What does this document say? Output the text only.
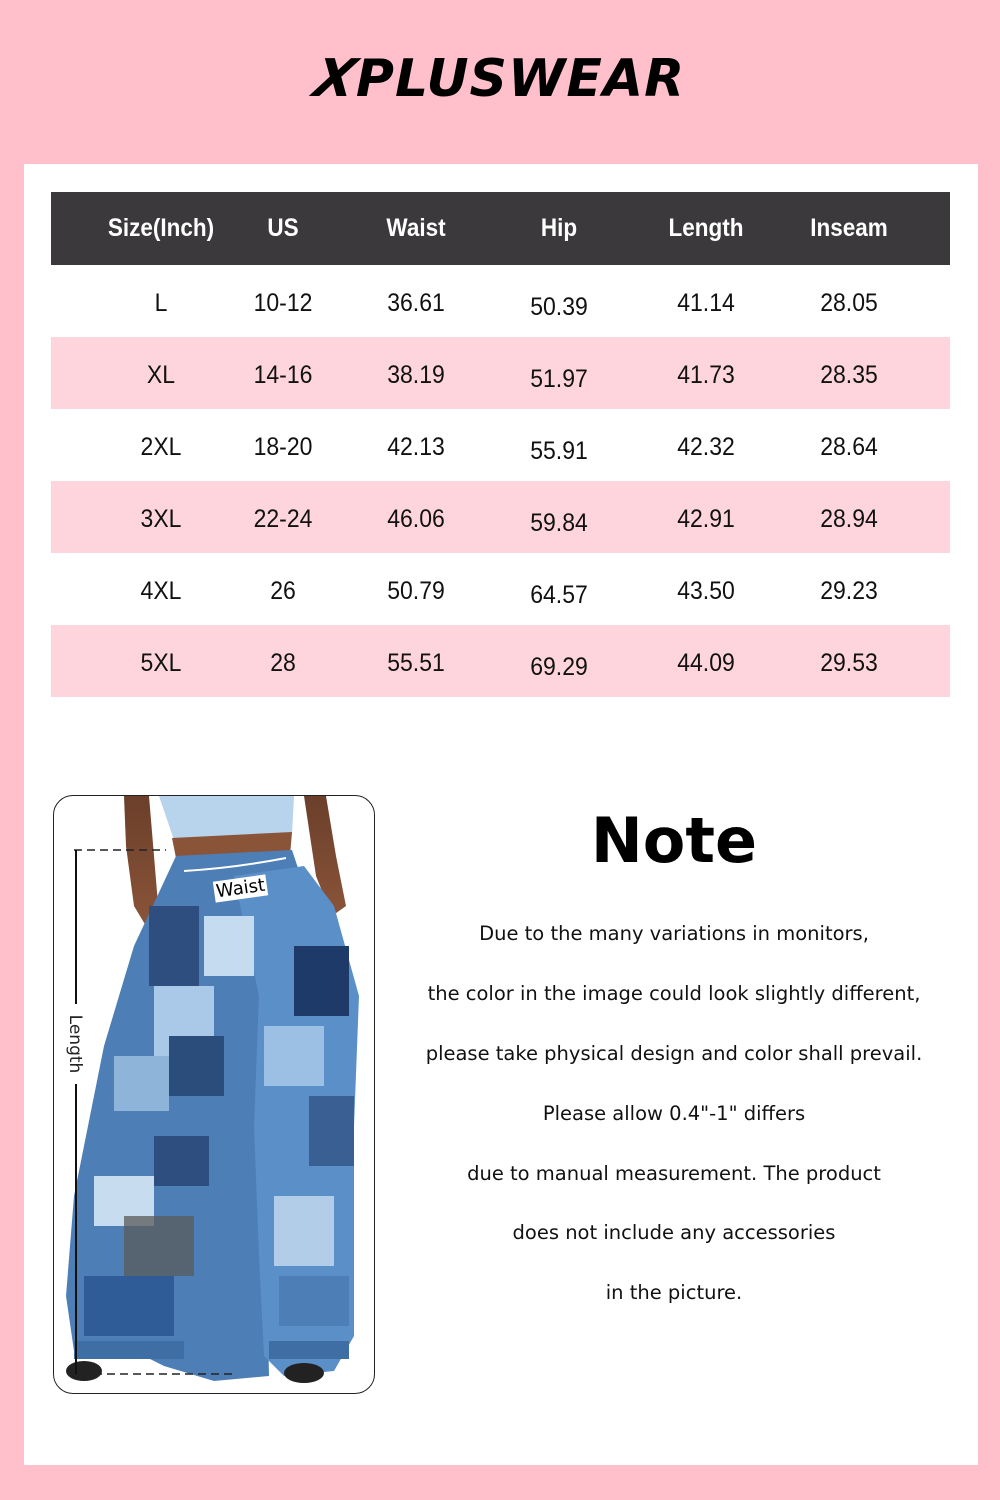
XPLUSWEAR
Size(Inch)	US	Waist	Hip	Length	Inseam
L	10-12	36.61	50.39	41.14	28.05
XL	14-16	38.19	51.97	41.73	28.35
2XL	18-20	42.13	55.91	42.32	28.64
3XL	22-24	46.06	59.84	42.91	28.94
4XL	26	50.79	64.57	43.50	29.23
5XL	28	55.51	69.29	44.09	29.53
Waist
Length
Note
Due to the many variations in monitors,
the color in the image could look slightly different,
please take physical design and color shall prevail.
Please allow 0.4"-1" differs
due to manual measurement. The product
does not include any accessories
in the picture.
